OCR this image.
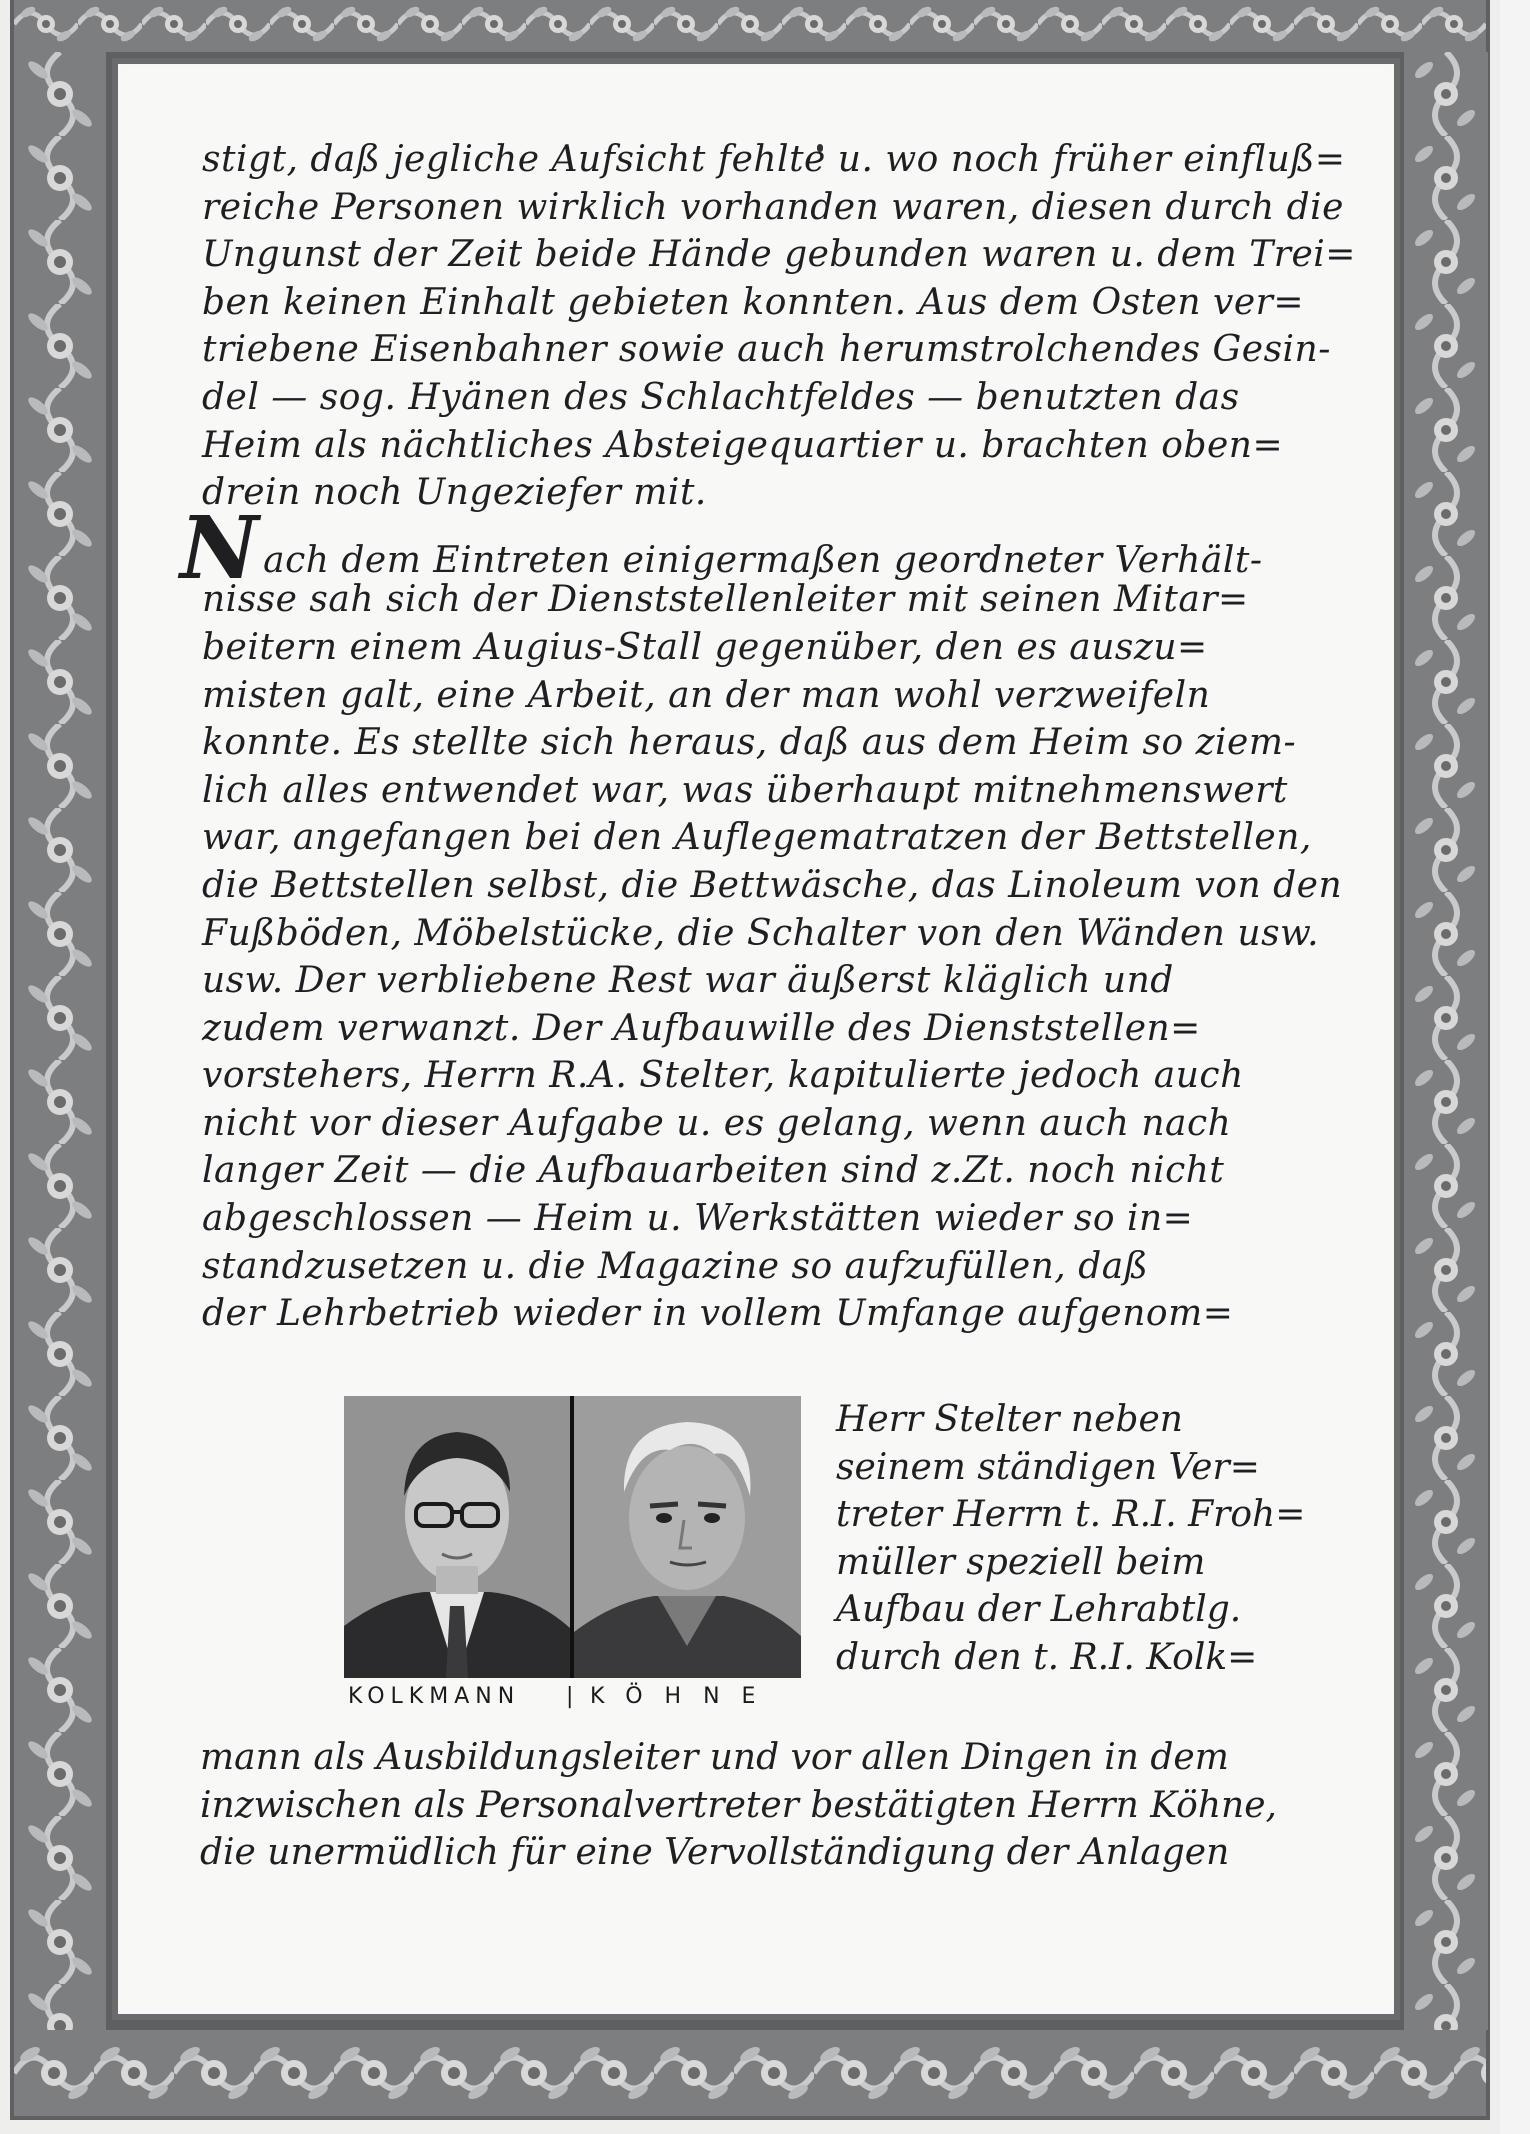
stigt, daß jegliche Aufsicht fehlte u. wo noch früher einfluß=
reiche Personen wirklich vorhanden waren, diesen durch die
Ungunst der Zeit beide Hände gebunden waren u. dem Trei=
ben keinen Einhalt gebieten konnten. Aus dem Osten ver=
triebene Eisenbahner sowie auch herumstrolchendes Gesin-
del — sog. Hyänen des Schlachtfeldes — benutzten das
Heim als nächtliches Absteigequartier u. brachten oben=
drein noch Ungeziefer mit.
Nach dem Eintreten einigermaßen geordneter Verhält-
nisse sah sich der Dienststellenleiter mit seinen Mitar=
beitern einem Augius-Stall gegenüber, den es auszu=
misten galt, eine Arbeit, an der man wohl verzweifeln
konnte. Es stellte sich heraus, daß aus dem Heim so ziem-
lich alles entwendet war, was überhaupt mitnehmenswert
war, angefangen bei den Auflegematratzen der Bettstellen,
die Bettstellen selbst, die Bettwäsche, das Linoleum von den
Fußböden, Möbelstücke, die Schalter von den Wänden usw.
usw. Der verbliebene Rest war äußerst kläglich und
zudem verwanzt. Der Aufbauwille des Dienststellen=
vorstehers, Herrn R.A. Stelter, kapitulierte jedoch auch
nicht vor dieser Aufgabe u. es gelang, wenn auch nach
langer Zeit — die Aufbauarbeiten sind z.Zt. noch nicht
abgeschlossen — Heim u. Werkstätten wieder so in=
standzusetzen u. die Magazine so aufzufüllen, daß
der Lehrbetrieb wieder in vollem Umfange aufgenom=
KOLKMANN | KÖHNE
Herr Stelter neben
seinem ständigen Ver=
treter Herrn t. R.I. Froh=
müller speziell beim
Aufbau der Lehrabtlg.
durch den t. R.I. Kolk=
mann als Ausbildungsleiter und vor allen Dingen in dem
inzwischen als Personalvertreter bestätigten Herrn Köhne,
die unermüdlich für eine Vervollständigung der Anlagen
